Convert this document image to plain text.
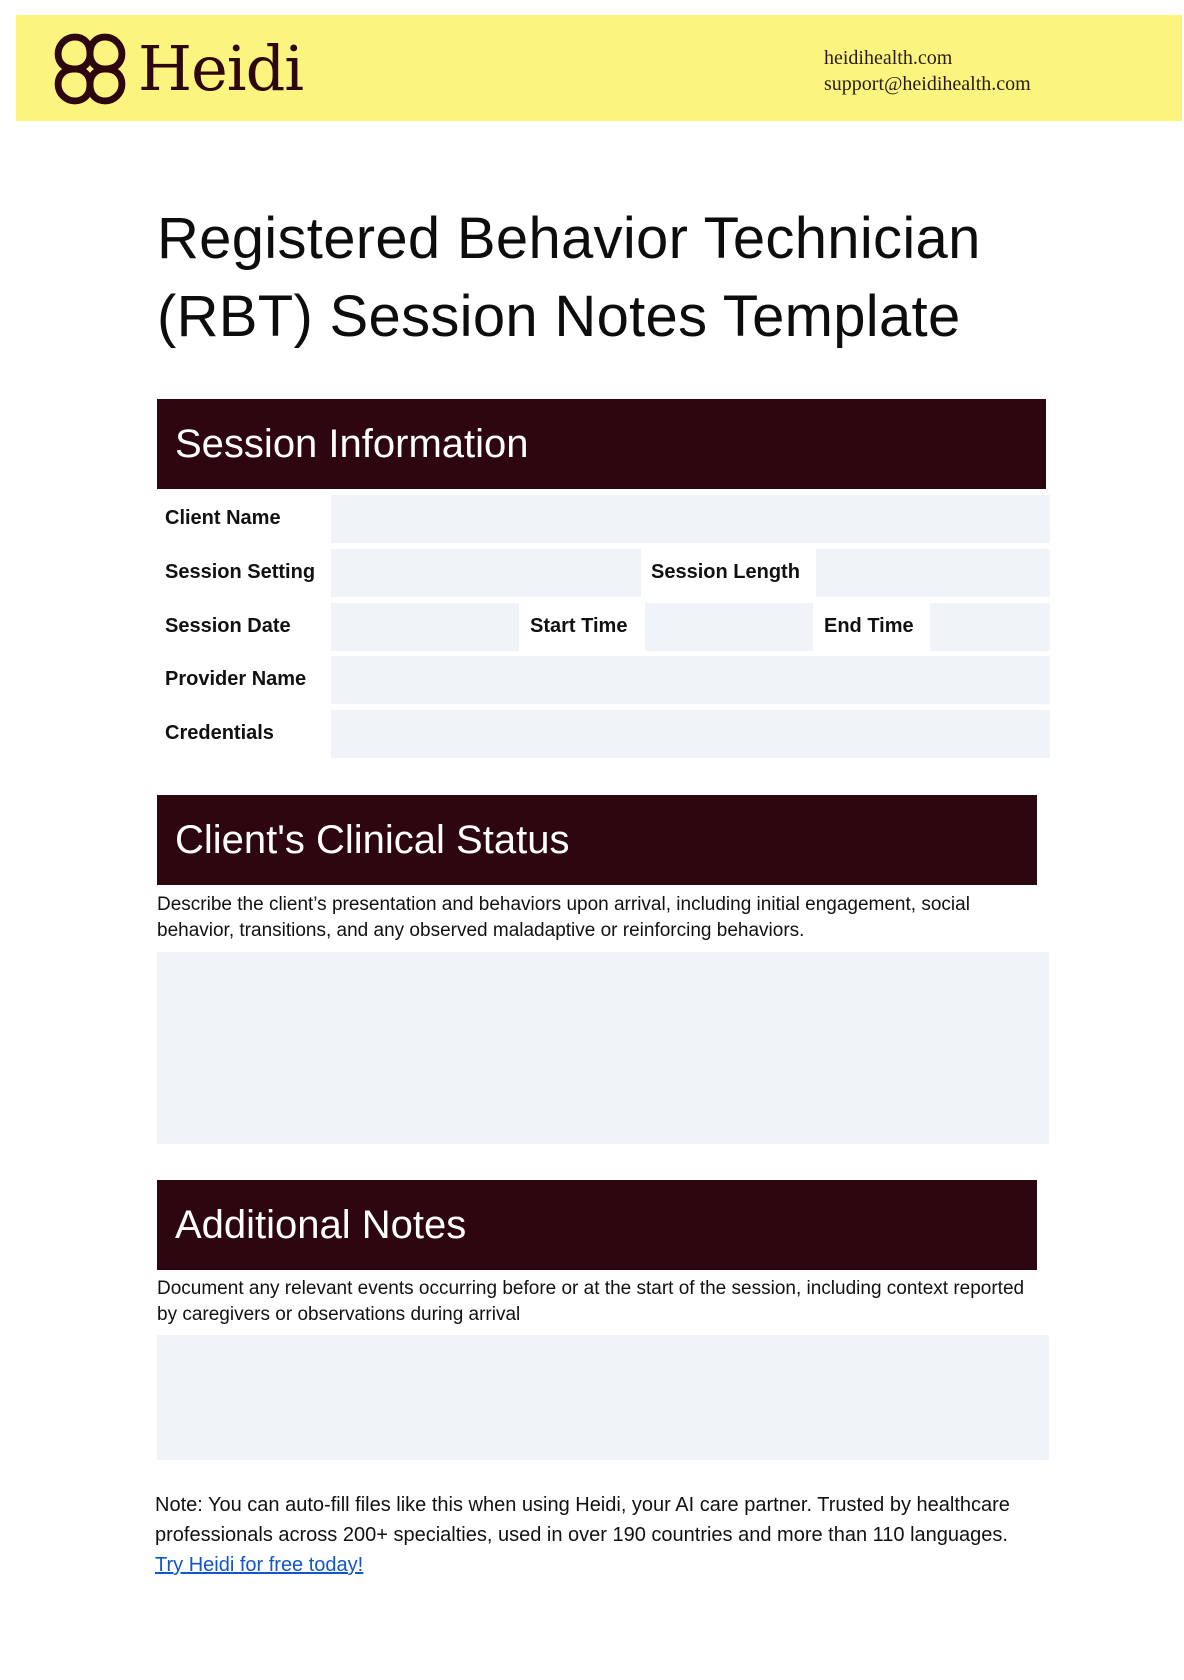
Heidi	heidihealth.com
support@heidihealth.com
Registered Behavior Technician
(RBT) Session Notes Template
Session Information
Client Name
Session Setting	Session Length
Session Date	Start Time	End Time
Provider Name
Credentials
Client's Clinical Status
Describe the client’s presentation and behaviors upon arrival, including initial engagement, social behavior, transitions, and any observed maladaptive or reinforcing behaviors.
Additional Notes
Document any relevant events occurring before or at the start of the session, including context reported by caregivers or observations during arrival
Note: You can auto-fill files like this when using Heidi, your AI care partner. Trusted by healthcare professionals across 200+ specialties, used in over 190 countries and more than 110 languages.
Try Heidi for free today!
